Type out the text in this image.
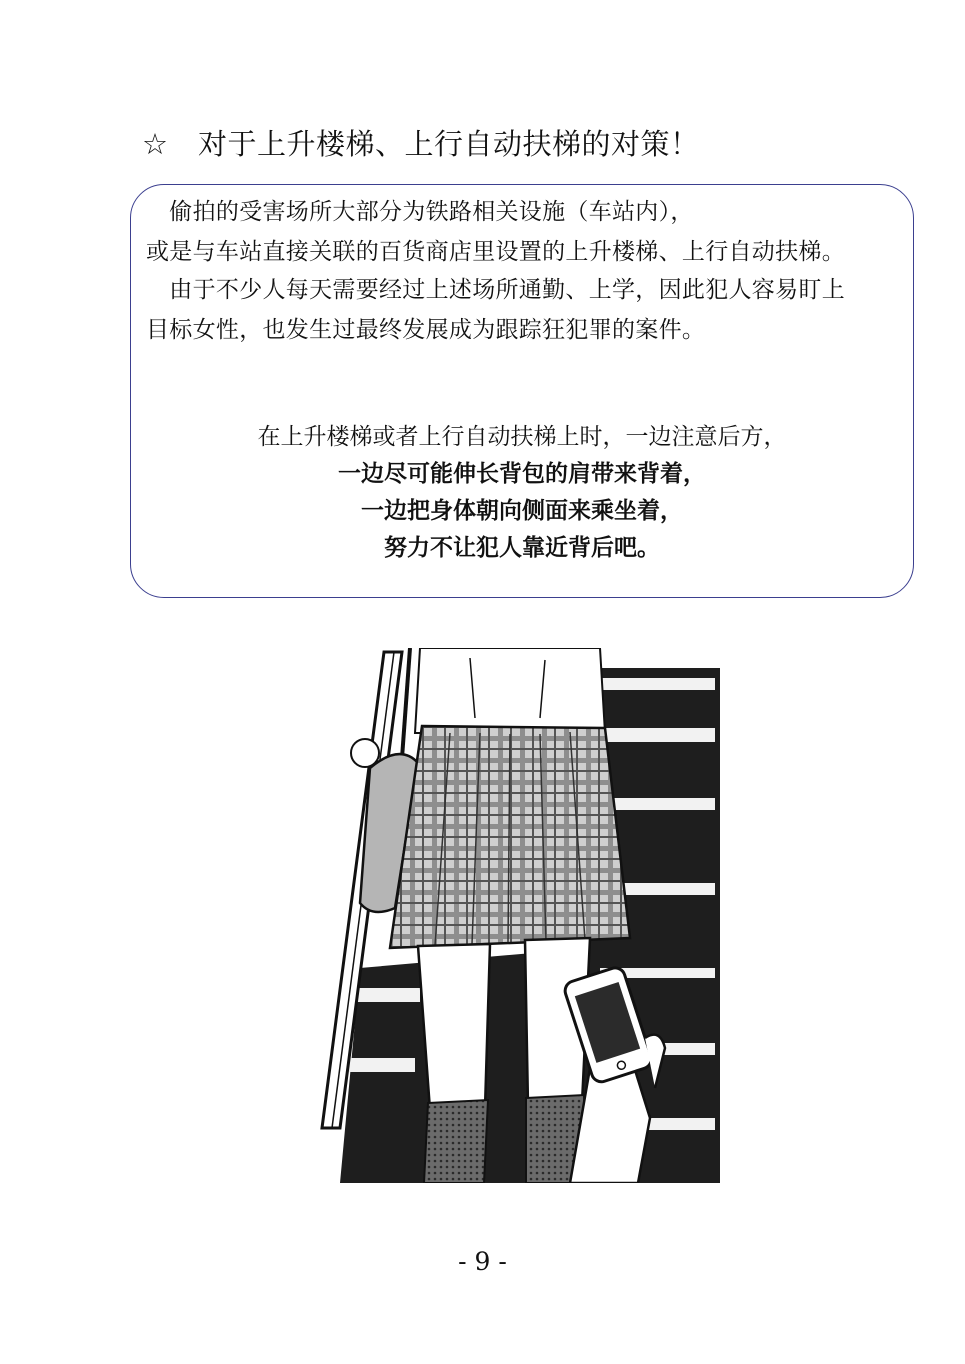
☆ 对于上升楼梯、上行自动扶梯的对策！
　偷拍的受害场所大部分为铁路相关设施（车站内），
或是与车站直接关联的百货商店里设置的上升楼梯、上行自动扶梯。
　由于不少人每天需要经过上述场所通勤、上学，因此犯人容易盯上
目标女性，也发生过最终发展成为跟踪狂犯罪的案件。
在上升楼梯或者上行自动扶梯上时，一边注意后方，
一边尽可能伸长背包的肩带来背着，
一边把身体朝向侧面来乘坐着，
努力不让犯人靠近背后吧。
- 9 -
